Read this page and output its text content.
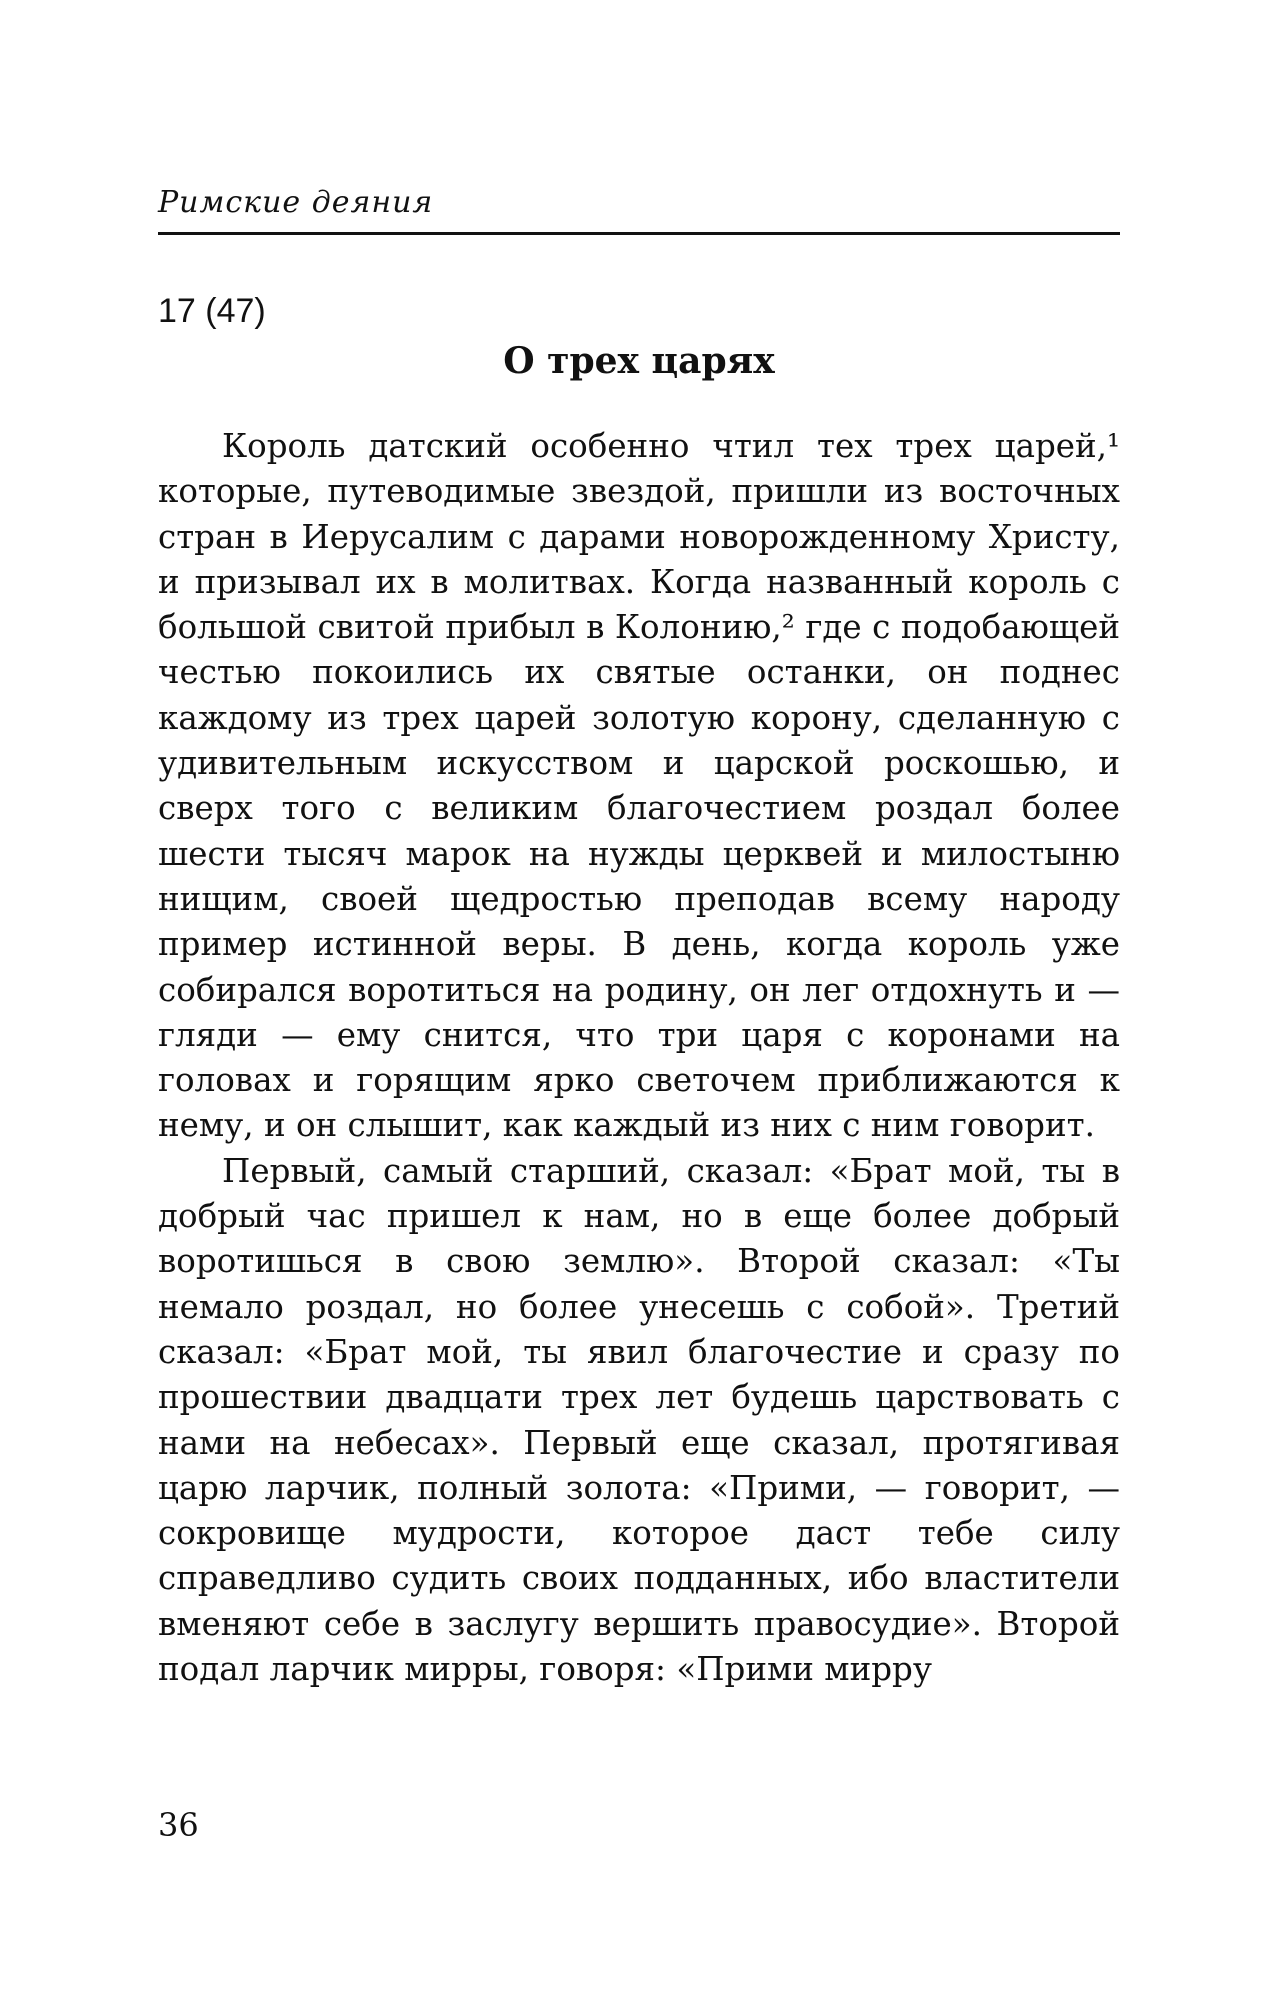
Римские деяния
17 (47)
О трех царях

Король датский особенно чтил тех трех царей,¹ которые, путеводимые звездой, пришли из восточных стран в Иерусалим с дарами новорожденному Христу, и призывал их в молитвах. Когда названный король с большой свитой прибыл в Колонию,² где с подобающей честью покоились их святые останки, он поднес каждому из трех царей золотую корону, сделанную с удивительным искусством и царской роскошью, и сверх того с великим благочестием роздал более шести тысяч марок на нужды церквей и милостыню нищим, своей щедростью преподав всему народу пример истинной веры. В день, когда король уже собирался воротиться на родину, он лег отдохнуть и — гляди — ему снится, что три царя с коронами на головах и горящим ярко светочем приближаются к нему, и он слышит, как каждый из них с ним говорит.

Первый, самый старший, сказал: «Брат мой, ты в добрый час пришел к нам, но в еще более добрый воротишься в свою землю». Второй сказал: «Ты немало роздал, но более унесешь с собой». Третий сказал: «Брат мой, ты явил благочестие и сразу по прошествии двадцати трех лет будешь царствовать с нами на небесах». Первый еще сказал, протягивая царю ларчик, полный золота: «Прими, — говорит, — сокровище мудрости, которое даст тебе силу справедливо судить своих подданных, ибо властители вменяют себе в заслугу вершить правосудие». Второй подал ларчик мирры, говоря: «Прими мирру

36
